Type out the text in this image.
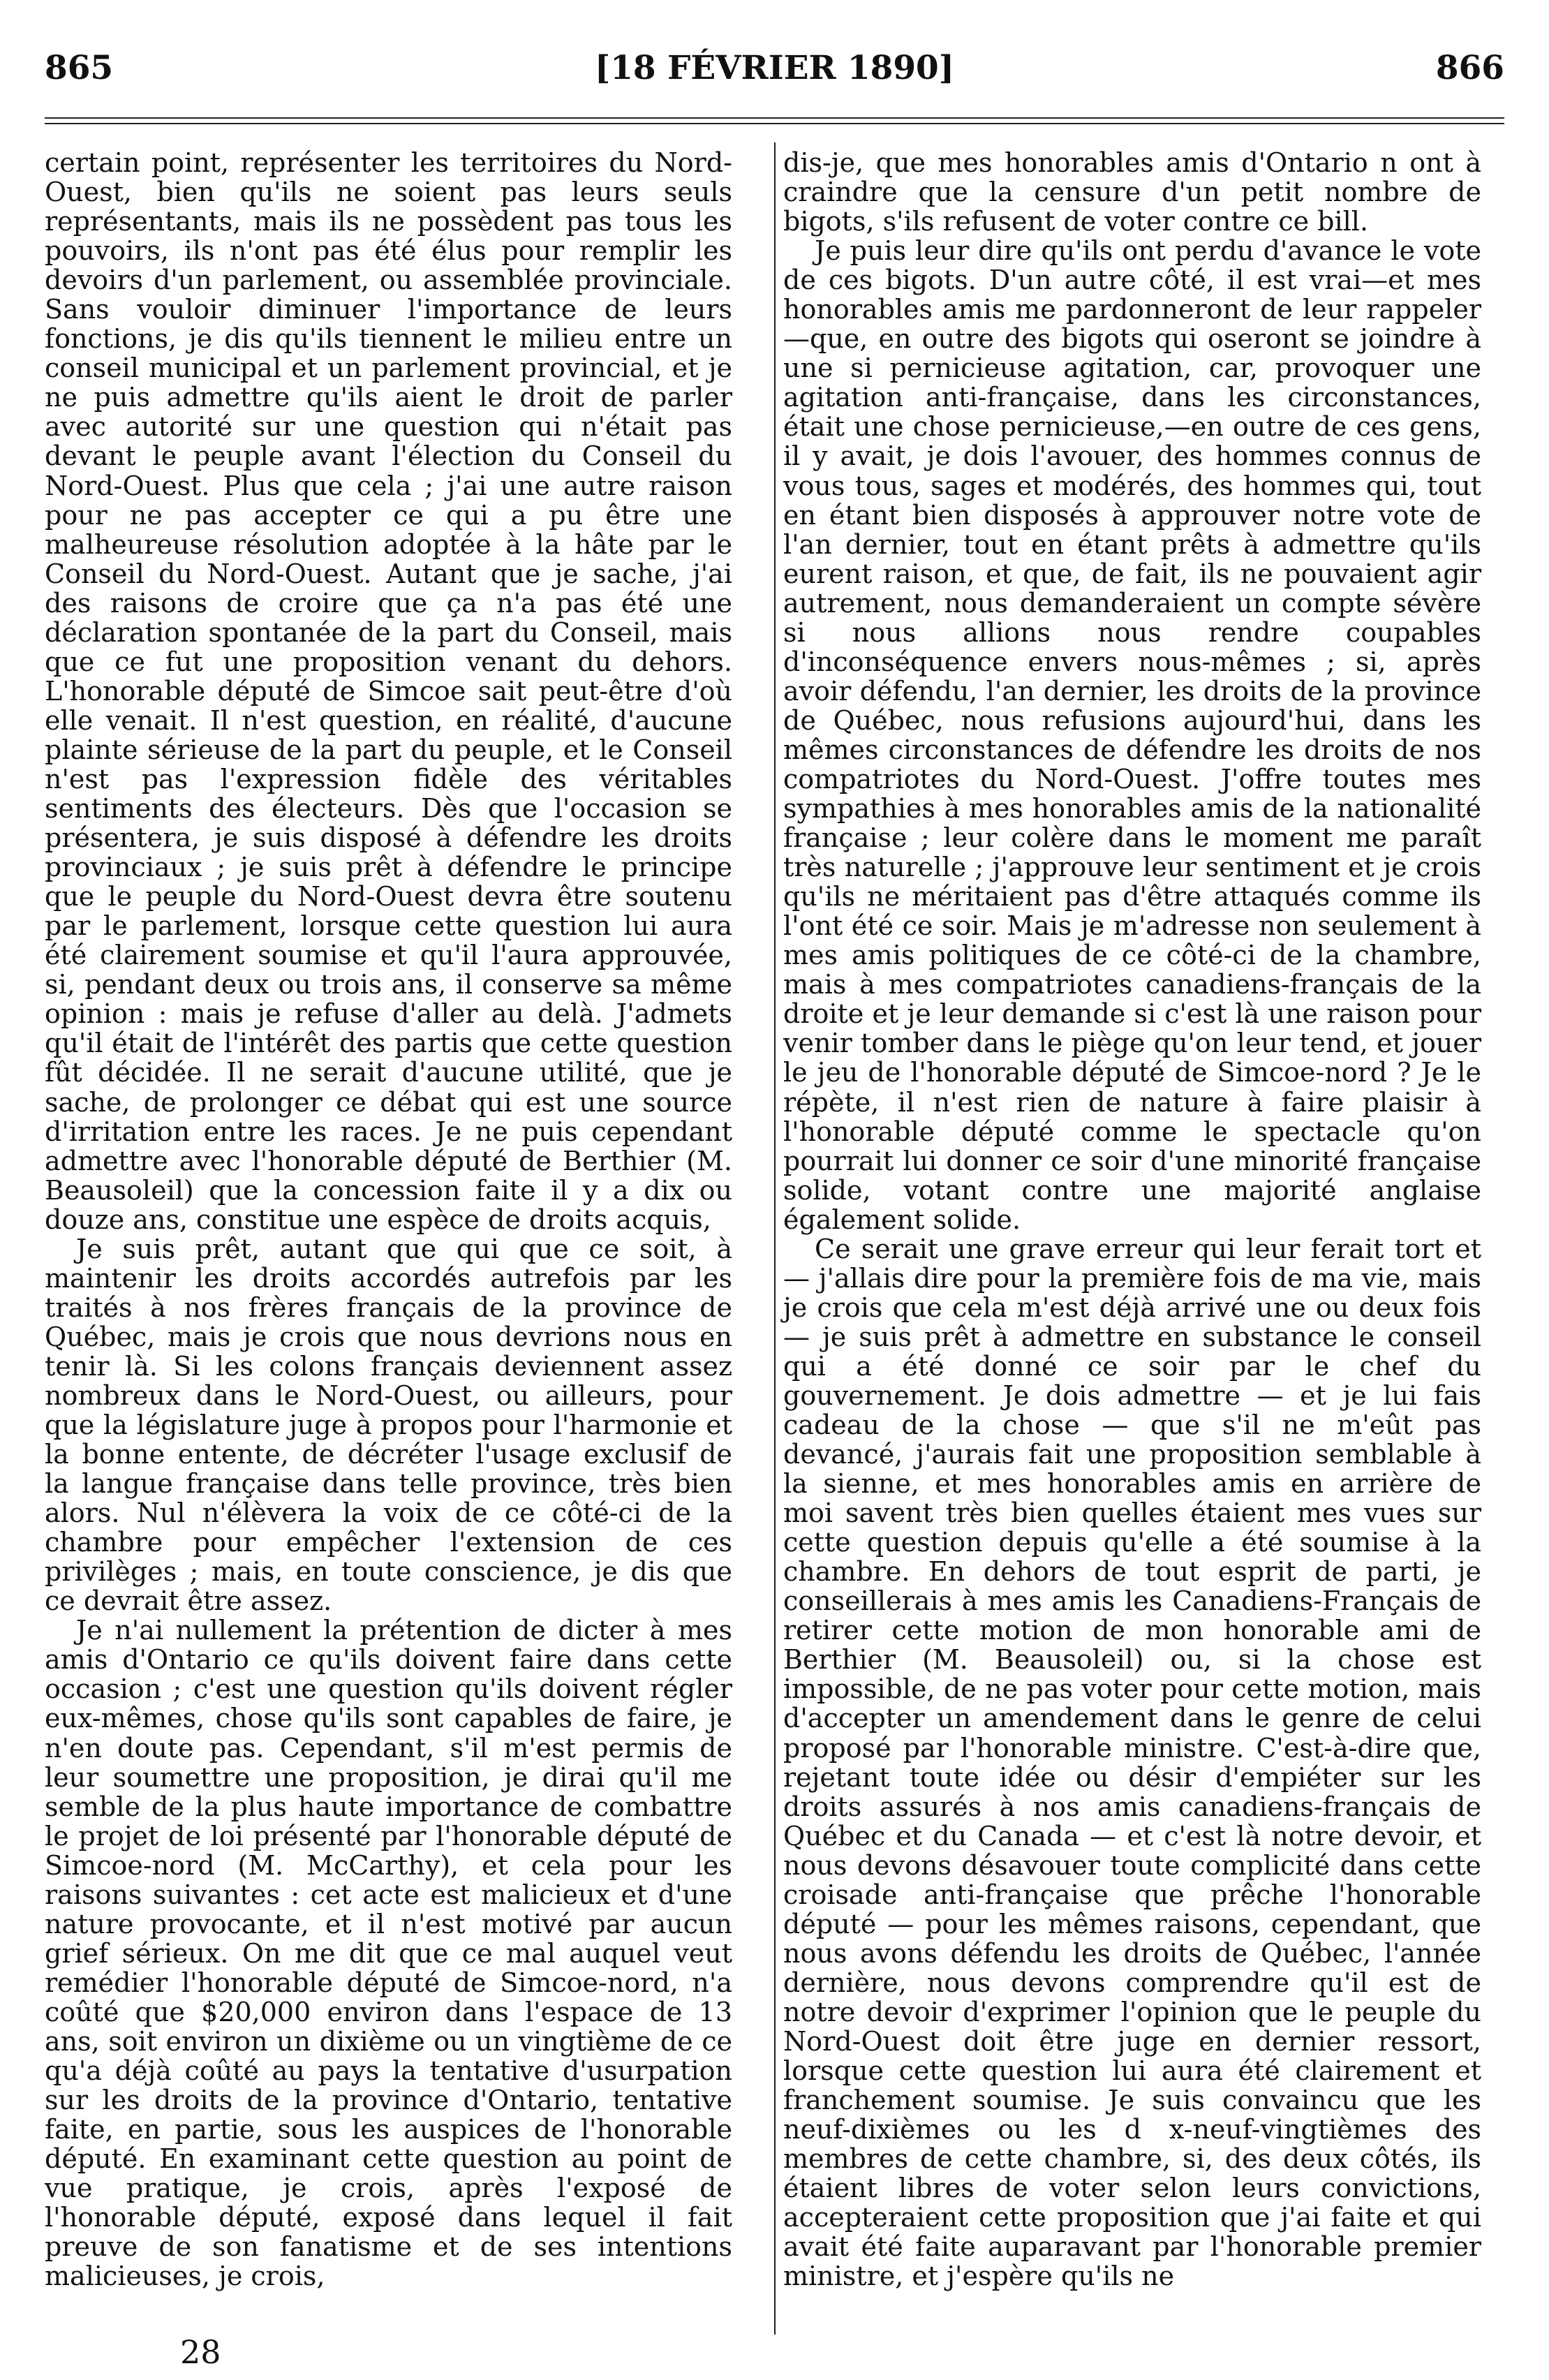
865	[18 FÉVRIER 1890]	866

certain point, représenter les territoires du Nord-Ouest, bien qu'ils ne soient pas leurs seuls représentants, mais ils ne possèdent pas tous les pouvoirs, ils n'ont pas été élus pour remplir les devoirs d'un parlement, ou assemblée provinciale. Sans vouloir diminuer l'importance de leurs fonctions, je dis qu'ils tiennent le milieu entre un conseil municipal et un parlement provincial, et je ne puis admettre qu'ils aient le droit de parler avec autorité sur une question qui n'était pas devant le peuple avant l'élection du Conseil du Nord-Ouest. Plus que cela ; j'ai une autre raison pour ne pas accepter ce qui a pu être une malheureuse résolution adoptée à la hâte par le Conseil du Nord-Ouest. Autant que je sache, j'ai des raisons de croire que ça n'a pas été une déclaration spontanée de la part du Conseil, mais que ce fut une proposition venant du dehors. L'honorable député de Simcoe sait peut-être d'où elle venait. Il n'est question, en réalité, d'aucune plainte sérieuse de la part du peuple, et le Conseil n'est pas l'expression fidèle des véritables sentiments des électeurs. Dès que l'occasion se présentera, je suis disposé à défendre les droits provinciaux ; je suis prêt à défendre le principe que le peuple du Nord-Ouest devra être soutenu par le parlement, lorsque cette question lui aura été clairement soumise et qu'il l'aura approuvée, si, pendant deux ou trois ans, il conserve sa même opinion : mais je refuse d'aller au delà. J'admets qu'il était de l'intérêt des partis que cette question fût décidée. Il ne serait d'aucune utilité, que je sache, de prolonger ce débat qui est une source d'irritation entre les races. Je ne puis cependant admettre avec l'honorable député de Berthier (M. Beausoleil) que la concession faite il y a dix ou douze ans, constitue une espèce de droits acquis,

Je suis prêt, autant que qui que ce soit, à maintenir les droits accordés autrefois par les traités à nos frères français de la province de Québec, mais je crois que nous devrions nous en tenir là. Si les colons français deviennent assez nombreux dans le Nord-Ouest, ou ailleurs, pour que la législature juge à propos pour l'harmonie et la bonne entente, de décréter l'usage exclusif de la langue française dans telle province, très bien alors. Nul n'élèvera la voix de ce côté-ci de la chambre pour empêcher l'extension de ces privilèges ; mais, en toute conscience, je dis que ce devrait être assez.

Je n'ai nullement la prétention de dicter à mes amis d'Ontario ce qu'ils doivent faire dans cette occasion ; c'est une question qu'ils doivent régler eux-mêmes, chose qu'ils sont capables de faire, je n'en doute pas. Cependant, s'il m'est permis de leur soumettre une proposition, je dirai qu'il me semble de la plus haute importance de combattre le projet de loi présenté par l'honorable député de Simcoe-nord (M. McCarthy), et cela pour les raisons suivantes : cet acte est malicieux et d'une nature provocante, et il n'est motivé par aucun grief sérieux. On me dit que ce mal auquel veut remédier l'honorable député de Simcoe-nord, n'a coûté que $20,000 environ dans l'espace de 13 ans, soit environ un dixième ou un vingtième de ce qu'a déjà coûté au pays la tentative d'usurpation sur les droits de la province d'Ontario, tentative faite, en partie, sous les auspices de l'honorable député. En examinant cette question au point de vue pratique, je crois, après l'exposé de l'honorable député, exposé dans lequel il fait preuve de son fanatisme et de ses intentions malicieuses, je crois,

dis-je, que mes honorables amis d'Ontario n ont à craindre que la censure d'un petit nombre de bigots, s'ils refusent de voter contre ce bill.

Je puis leur dire qu'ils ont perdu d'avance le vote de ces bigots. D'un autre côté, il est vrai—et mes honorables amis me pardonneront de leur rappeler—que, en outre des bigots qui oseront se joindre à une si pernicieuse agitation, car, provoquer une agitation anti-française, dans les circonstances, était une chose pernicieuse,—en outre de ces gens, il y avait, je dois l'avouer, des hommes connus de vous tous, sages et modérés, des hommes qui, tout en étant bien disposés à approuver notre vote de l'an dernier, tout en étant prêts à admettre qu'ils eurent raison, et que, de fait, ils ne pouvaient agir autrement, nous demanderaient un compte sévère si nous allions nous rendre coupables d'inconséquence envers nous-mêmes ; si, après avoir défendu, l'an dernier, les droits de la province de Québec, nous refusions aujourd'hui, dans les mêmes circonstances de défendre les droits de nos compatriotes du Nord-Ouest. J'offre toutes mes sympathies à mes honorables amis de la nationalité française ; leur colère dans le moment me paraît très naturelle ; j'approuve leur sentiment et je crois qu'ils ne méritaient pas d'être attaqués comme ils l'ont été ce soir. Mais je m'adresse non seulement à mes amis politiques de ce côté-ci de la chambre, mais à mes compatriotes canadiens-français de la droite et je leur demande si c'est là une raison pour venir tomber dans le piège qu'on leur tend, et jouer le jeu de l'honorable député de Simcoe-nord ? Je le répète, il n'est rien de nature à faire plaisir à l'honorable député comme le spectacle qu'on pourrait lui donner ce soir d'une minorité française solide, votant contre une majorité anglaise également solide.

Ce serait une grave erreur qui leur ferait tort et — j'allais dire pour la première fois de ma vie, mais je crois que cela m'est déjà arrivé une ou deux fois — je suis prêt à admettre en substance le conseil qui a été donné ce soir par le chef du gouvernement. Je dois admettre — et je lui fais cadeau de la chose — que s'il ne m'eût pas devancé, j'aurais fait une proposition semblable à la sienne, et mes honorables amis en arrière de moi savent très bien quelles étaient mes vues sur cette question depuis qu'elle a été soumise à la chambre. En dehors de tout esprit de parti, je conseillerais à mes amis les Canadiens-Français de retirer cette motion de mon honorable ami de Berthier (M. Beausoleil) ou, si la chose est impossible, de ne pas voter pour cette motion, mais d'accepter un amendement dans le genre de celui proposé par l'honorable ministre. C'est-à-dire que, rejetant toute idée ou désir d'empiéter sur les droits assurés à nos amis canadiens-français de Québec et du Canada — et c'est là notre devoir, et nous devons désavouer toute complicité dans cette croisade anti-française que prêche l'honorable député — pour les mêmes raisons, cependant, que nous avons défendu les droits de Québec, l'année dernière, nous devons comprendre qu'il est de notre devoir d'exprimer l'opinion que le peuple du Nord-Ouest doit être juge en dernier ressort, lorsque cette question lui aura été clairement et franchement soumise. Je suis convaincu que les neuf-dixièmes ou les d x-neuf-vingtièmes des membres de cette chambre, si, des deux côtés, ils étaient libres de voter selon leurs convictions, accepteraient cette proposition que j'ai faite et qui avait été faite auparavant par l'honorable premier ministre, et j'espère qu'ils ne

28
